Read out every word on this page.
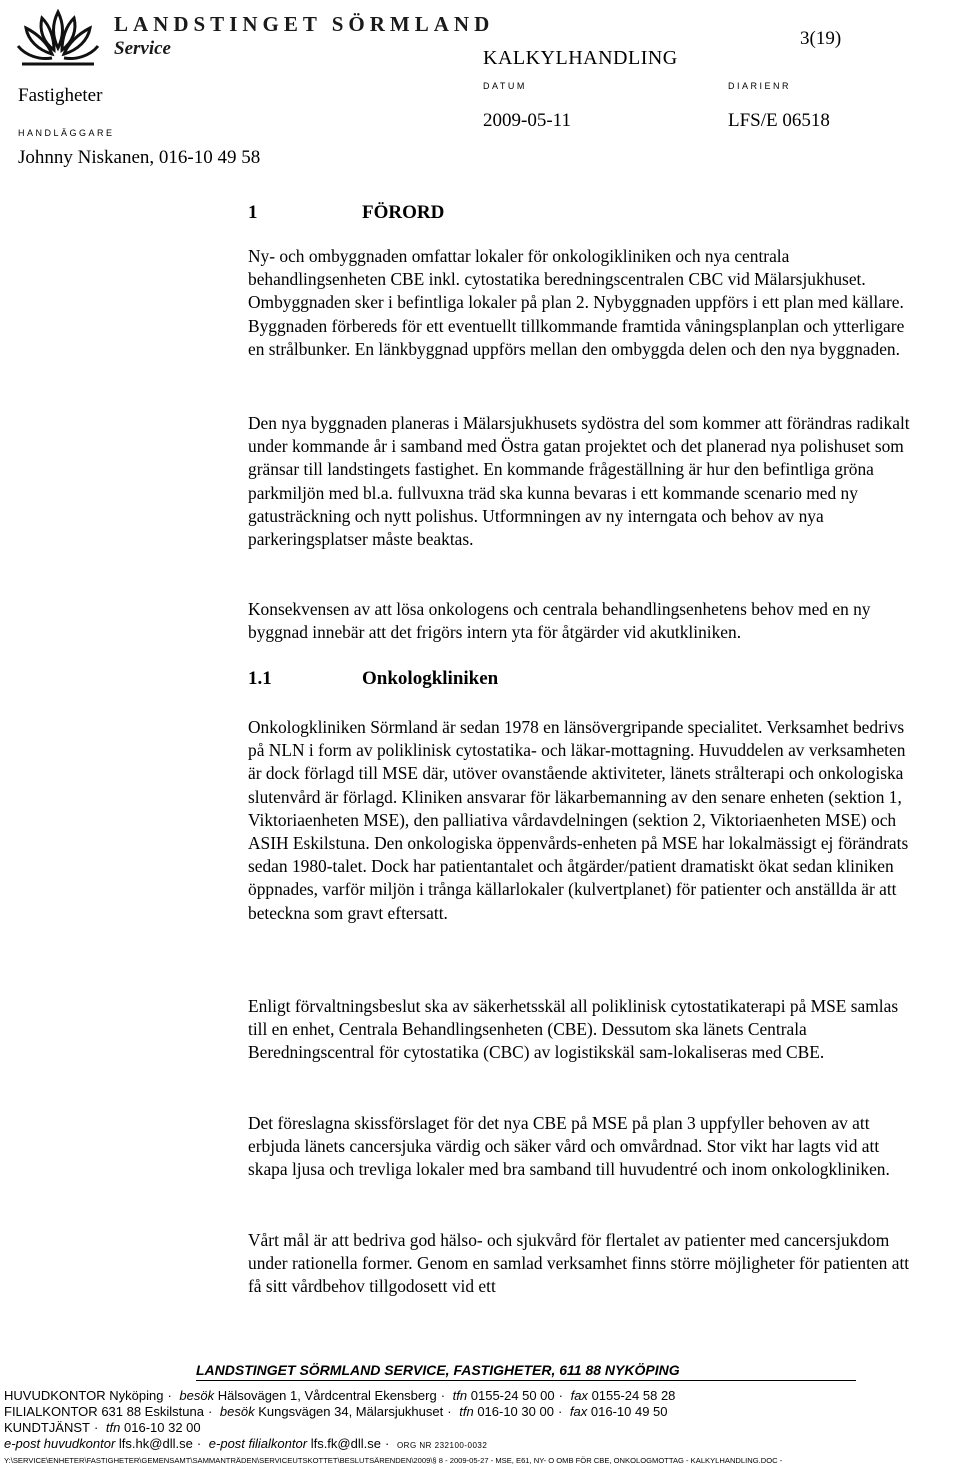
LANDSTINGET SÖRMLAND
Service	3(19)
KALKYLHANDLING
DATUM	DIARIENR
2009-05-11	LFS/E 06518
Fastigheter
HANDLÄGGARE
Johnny Niskanen, 016-10 49 58
1	FÖRORD

Ny- och ombyggnaden omfattar lokaler för onkologikliniken och nya centrala behandlingsenheten CBE inkl. cytostatika beredningscentralen CBC vid Mälarsjukhuset. Ombyggnaden sker i befintliga lokaler på plan 2. Nybyggnaden uppförs i ett plan med källare. Byggnaden förbereds för ett eventuellt tillkommande framtida våningsplanplan och ytterligare en strålbunker. En länkbyggnad uppförs mellan den ombyggda delen och den nya byggnaden.

Den nya byggnaden planeras i Mälarsjukhusets sydöstra del som kommer att förändras radikalt under kommande år i samband med Östra gatan projektet och det planerad nya polishuset som gränsar till landstingets fastighet. En kommande frågeställning är hur den befintliga gröna parkmiljön med bl.a. fullvuxna träd ska kunna bevaras i ett kommande scenario med ny gatusträckning och nytt polishus. Utformningen av ny interngata och behov av nya parkeringsplatser måste beaktas.

Konsekvensen av att lösa onkologens och centrala behandlingsenhetens behov med en ny byggnad innebär att det frigörs intern yta för åtgärder vid akutkliniken.

1.1	Onkologkliniken

Onkologkliniken Sörmland är sedan 1978 en länsövergripande specialitet. Verksamhet bedrivs på NLN i form av poliklinisk cytostatika- och läkar-mottagning. Huvuddelen av verksamheten är dock förlagd till MSE där, utöver ovanstående aktiviteter, länets strålterapi och onkologiska slutenvård är förlagd. Kliniken ansvarar för läkarbemanning av den senare enheten (sektion 1, Viktoriaenheten MSE), den palliativa vårdavdelningen (sektion 2, Viktoriaenheten MSE) och ASIH Eskilstuna. Den onkologiska öppenvårds-enheten på MSE har lokalmässigt ej förändrats sedan 1980-talet. Dock har patientantalet och åtgärder/patient dramatiskt ökat sedan kliniken öppnades, varför miljön i trånga källarlokaler (kulvertplanet) för patienter och anställda är att beteckna som gravt eftersatt.

Enligt förvaltningsbeslut ska av säkerhetsskäl all poliklinisk cytostatikaterapi på MSE samlas till en enhet, Centrala Behandlingsenheten (CBE). Dessutom ska länets Centrala Beredningscentral för cytostatika (CBC) av logistikskäl sam-lokaliseras med CBE.

Det föreslagna skissförslaget för det nya CBE på MSE på plan 3 uppfyller behoven av att erbjuda länets cancersjuka värdig och säker vård och omvårdnad. Stor vikt har lagts vid att skapa ljusa och trevliga lokaler med bra samband till huvudentré och inom onkologkliniken.

Vårt mål är att bedriva god hälso- och sjukvård för flertalet av patienter med cancersjukdom under rationella former. Genom en samlad verksamhet finns större möjligheter för patienten att få sitt vårdbehov tillgodosett vid ett

LANDSTINGET SÖRMLAND SERVICE, FASTIGHETER, 611 88 NYKÖPING
HUVUDKONTOR Nyköping · besök Hälsovägen 1, Vårdcentral Ekensberg · tfn 0155-24 50 00 · fax 0155-24 58 28
FILIALKONTOR 631 88 Eskilstuna · besök Kungsvägen 34, Mälarsjukhuset · tfn 016-10 30 00 · fax 016-10 49 50
KUNDTJÄNST · tfn 016-10 32 00
e-post huvudkontor lfs.hk@dll.se · e-post filialkontor lfs.fk@dll.se · ORG NR 232100-0032
Y:\SERVICE\ENHETER\FASTIGHETER\GEMENSAMT\SAMMANTRÄDEN\SERVICEUTSKOTTET\BESLUTSÄRENDEN\2009\§ 8 - 2009-05-27 - MSE, E61, NY- O OMB FÖR CBE, ONKOLOGMOTTAG - KALKYLHANDLING.DOC -
